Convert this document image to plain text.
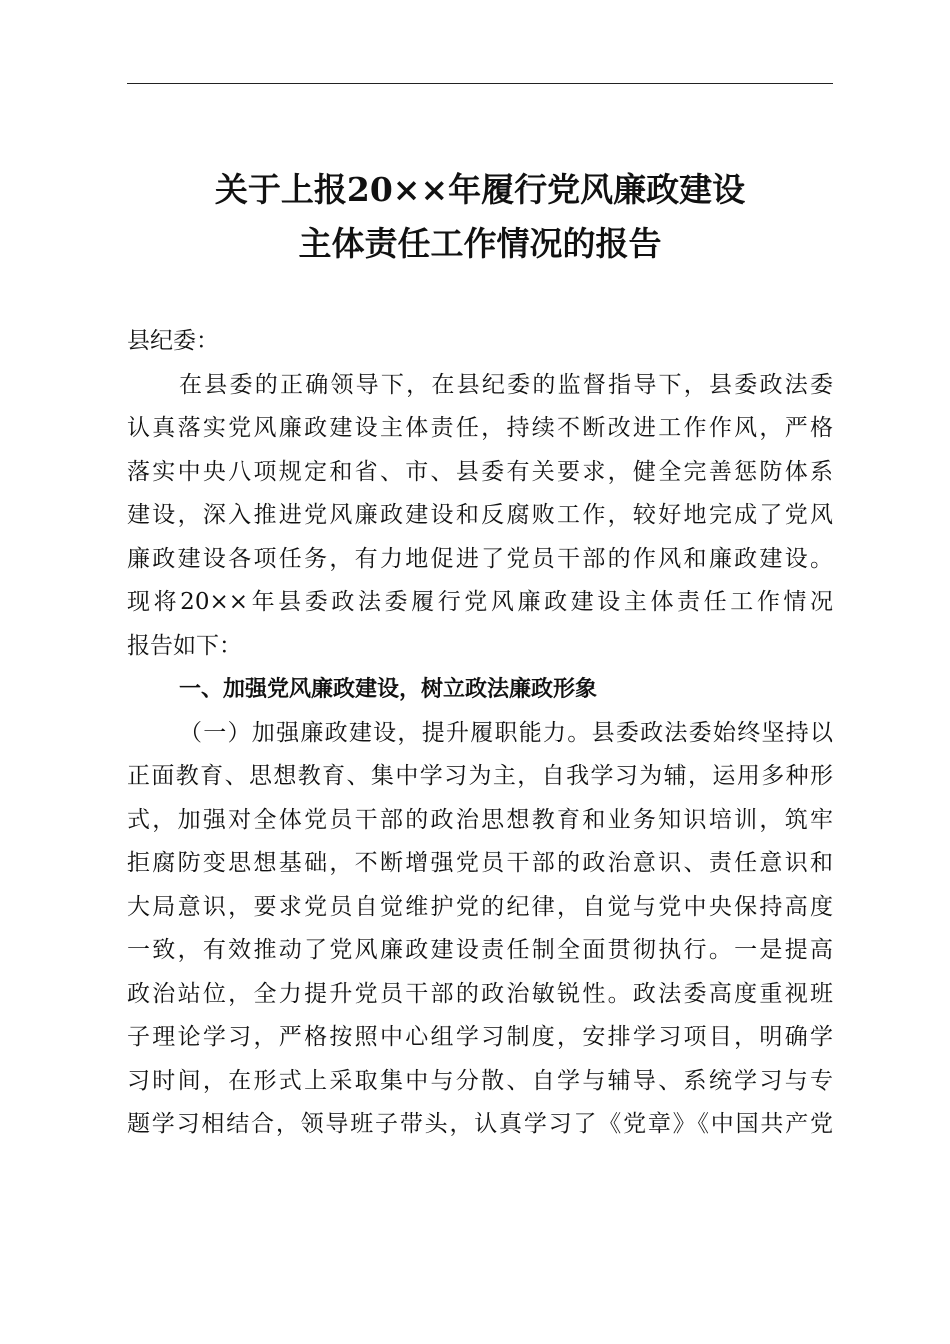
关于上报20××年履行党风廉政建设
主体责任工作情况的报告
县纪委：
在县委的正确领导下，在县纪委的监督指导下，县委政法委
认真落实党风廉政建设主体责任，持续不断改进工作作风，严格
落实中央八项规定和省、市、县委有关要求，健全完善惩防体系
建设，深入推进党风廉政建设和反腐败工作，较好地完成了党风
廉政建设各项任务，有力地促进了党员干部的作风和廉政建设。
现将20××年县委政法委履行党风廉政建设主体责任工作情况
报告如下：
一、加强党风廉政建设，树立政法廉政形象
（一）加强廉政建设，提升履职能力。县委政法委始终坚持以
正面教育、思想教育、集中学习为主，自我学习为辅，运用多种形
式，加强对全体党员干部的政治思想教育和业务知识培训，筑牢
拒腐防变思想基础，不断增强党员干部的政治意识、责任意识和
大局意识，要求党员自觉维护党的纪律，自觉与党中央保持高度
一致，有效推动了党风廉政建设责任制全面贯彻执行。一是提高
政治站位，全力提升党员干部的政治敏锐性。政法委高度重视班
子理论学习，严格按照中心组学习制度，安排学习项目，明确学
习时间，在形式上采取集中与分散、自学与辅导、系统学习与专
题学习相结合，领导班子带头，认真学习了《党章》《中国共产党
